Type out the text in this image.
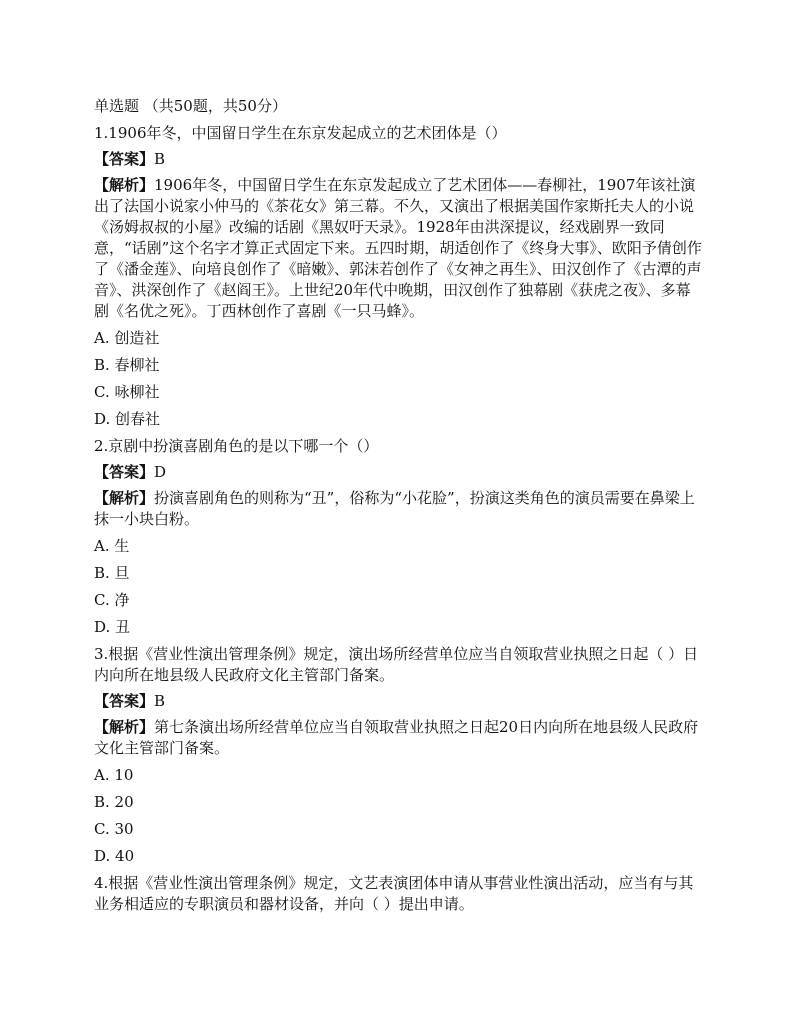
单选题 （共50题，共50分）

1.1906年冬，中国留日学生在东京发起成立的艺术团体是（）

【答案】B

【解析】1906年冬，中国留日学生在东京发起成立了艺术团体——春柳社，1907年该社演出了法国小说家小仲马的《茶花女》第三幕。不久，又演出了根据美国作家斯托夫人的小说《汤姆叔叔的小屋》改编的话剧《黑奴吁天录》。1928年由洪深提议，经戏剧界一致同意，“话剧”这个名字才算正式固定下来。五四时期，胡适创作了《终身大事》、欧阳予倩创作了《潘金莲》、向培良创作了《暗嫩》、郭沫若创作了《女神之再生》、田汉创作了《古潭的声音》、洪深创作了《赵阎王》。上世纪20年代中晚期，田汉创作了独幕剧《获虎之夜》、多幕剧《名优之死》。丁西林创作了喜剧《一只马蜂》。

A. 创造社

B. 春柳社

C. 咏柳社

D. 创春社

2.京剧中扮演喜剧角色的是以下哪一个（）

【答案】D

【解析】扮演喜剧角色的则称为“丑”，俗称为“小花脸”，扮演这类角色的演员需要在鼻梁上抹一小块白粉。

A. 生

B. 旦

C. 净

D. 丑

3.根据《营业性演出管理条例》规定，演出场所经营单位应当自领取营业执照之日起（ ）日内向所在地县级人民政府文化主管部门备案。

【答案】B

【解析】第七条演出场所经营单位应当自领取营业执照之日起20日内向所在地县级人民政府文化主管部门备案。

A. 10

B. 20

C. 30

D. 40

4.根据《营业性演出管理条例》规定，文艺表演团体申请从事营业性演出活动，应当有与其业务相适应的专职演员和器材设备，并向（ ）提出申请。
